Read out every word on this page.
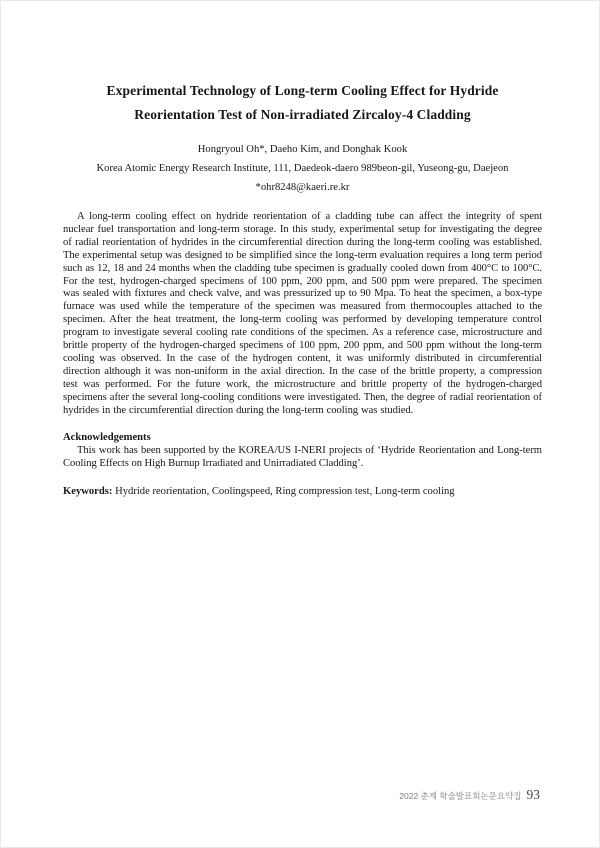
Experimental Technology of Long-term Cooling Effect for Hydride
Reorientation Test of Non-irradiated Zircaloy-4 Cladding
Hongryoul Oh*, Daeho Kim, and Donghak Kook
Korea Atomic Energy Research Institute, 111, Daedeok-daero 989beon-gil, Yuseong-gu, Daejeon
*ohr8248@kaeri.re.kr

A long-term cooling effect on hydride reorientation of a cladding tube can affect the integrity of spent nuclear fuel transportation and long-term storage. In this study, experimental setup for investigating the degree of radial reorientation of hydrides in the circumferential direction during the long-term cooling was established. The experimental setup was designed to be simplified since the long-term evaluation requires a long term period such as 12, 18 and 24 months when the cladding tube specimen is gradually cooled down from 400°C to 100°C. For the test, hydrogen-charged specimens of 100 ppm, 200 ppm, and 500 ppm were prepared. The specimen was sealed with fixtures and check valve, and was pressurized up to 90 Mpa. To heat the specimen, a box-type furnace was used while the temperature of the specimen was measured from thermocouples attached to the specimen. After the heat treatment, the long-term cooling was performed by developing temperature control program to investigate several cooling rate conditions of the specimen. As a reference case, microstructure and brittle property of the hydrogen-charged specimens of 100 ppm, 200 ppm, and 500 ppm without the long-term cooling was observed. In the case of the hydrogen content, it was uniformly distributed in circumferential direction although it was non-uniform in the axial direction. In the case of the brittle property, a compression test was performed. For the future work, the microstructure and brittle property of the hydrogen-charged specimens after the several long-cooling conditions were investigated. Then, the degree of radial reorientation of hydrides in the circumferential direction during the long-term cooling was studied.

Acknowledgements

This work has been supported by the KOREA/US I-NERI projects of ‘Hydride Reorientation and Long-term Cooling Effects on High Burnup Irradiated and Unirradiated Cladding’.

Keywords: Hydride reorientation, Coolingspeed, Ring compression test, Long-term cooling

2022 춘계 학술발표회논문요약집 93
